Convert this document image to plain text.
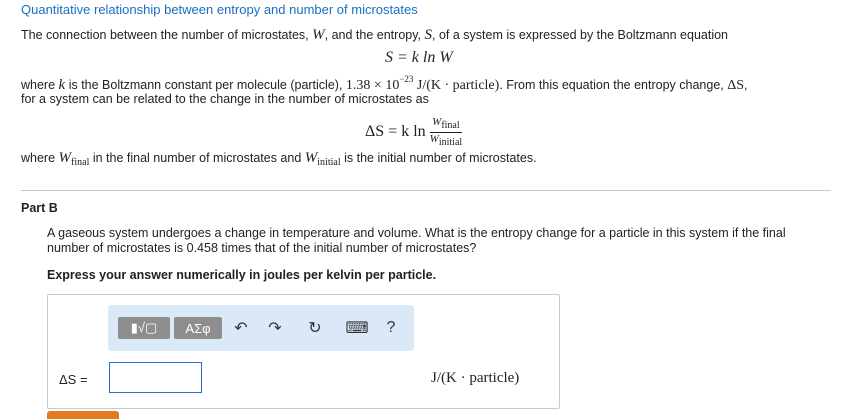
Quantitative relationship between entropy and number of microstates
The connection between the number of microstates, W, and the entropy, S, of a system is expressed by the Boltzmann equation
S = k ln W
where k is the Boltzmann constant per molecule (particle), $1.38 \times 10^{-23}$ J/(K · particle). From this equation the entropy change, ΔS,
for a system can be related to the change in the number of microstates as
ΔS = k $\ln \frac{\text{Wfinal}}{\text{Winitial}}$
where $W_{final}$ in the final number of microstates and $W_{initial}$ is the initial number of microstates.
Part B
A gaseous system undergoes a change in temperature and volume. What is the entropy change for a particle in this system if the final number of microstates is 0.458 times that of the initial number of microstates?
Express your answer numerically in joules per kelvin per particle.
▮√▢ ΑΣφ ↶ ↷ ↻ ⌨ ?
ΔS =	J/(K · particle)
